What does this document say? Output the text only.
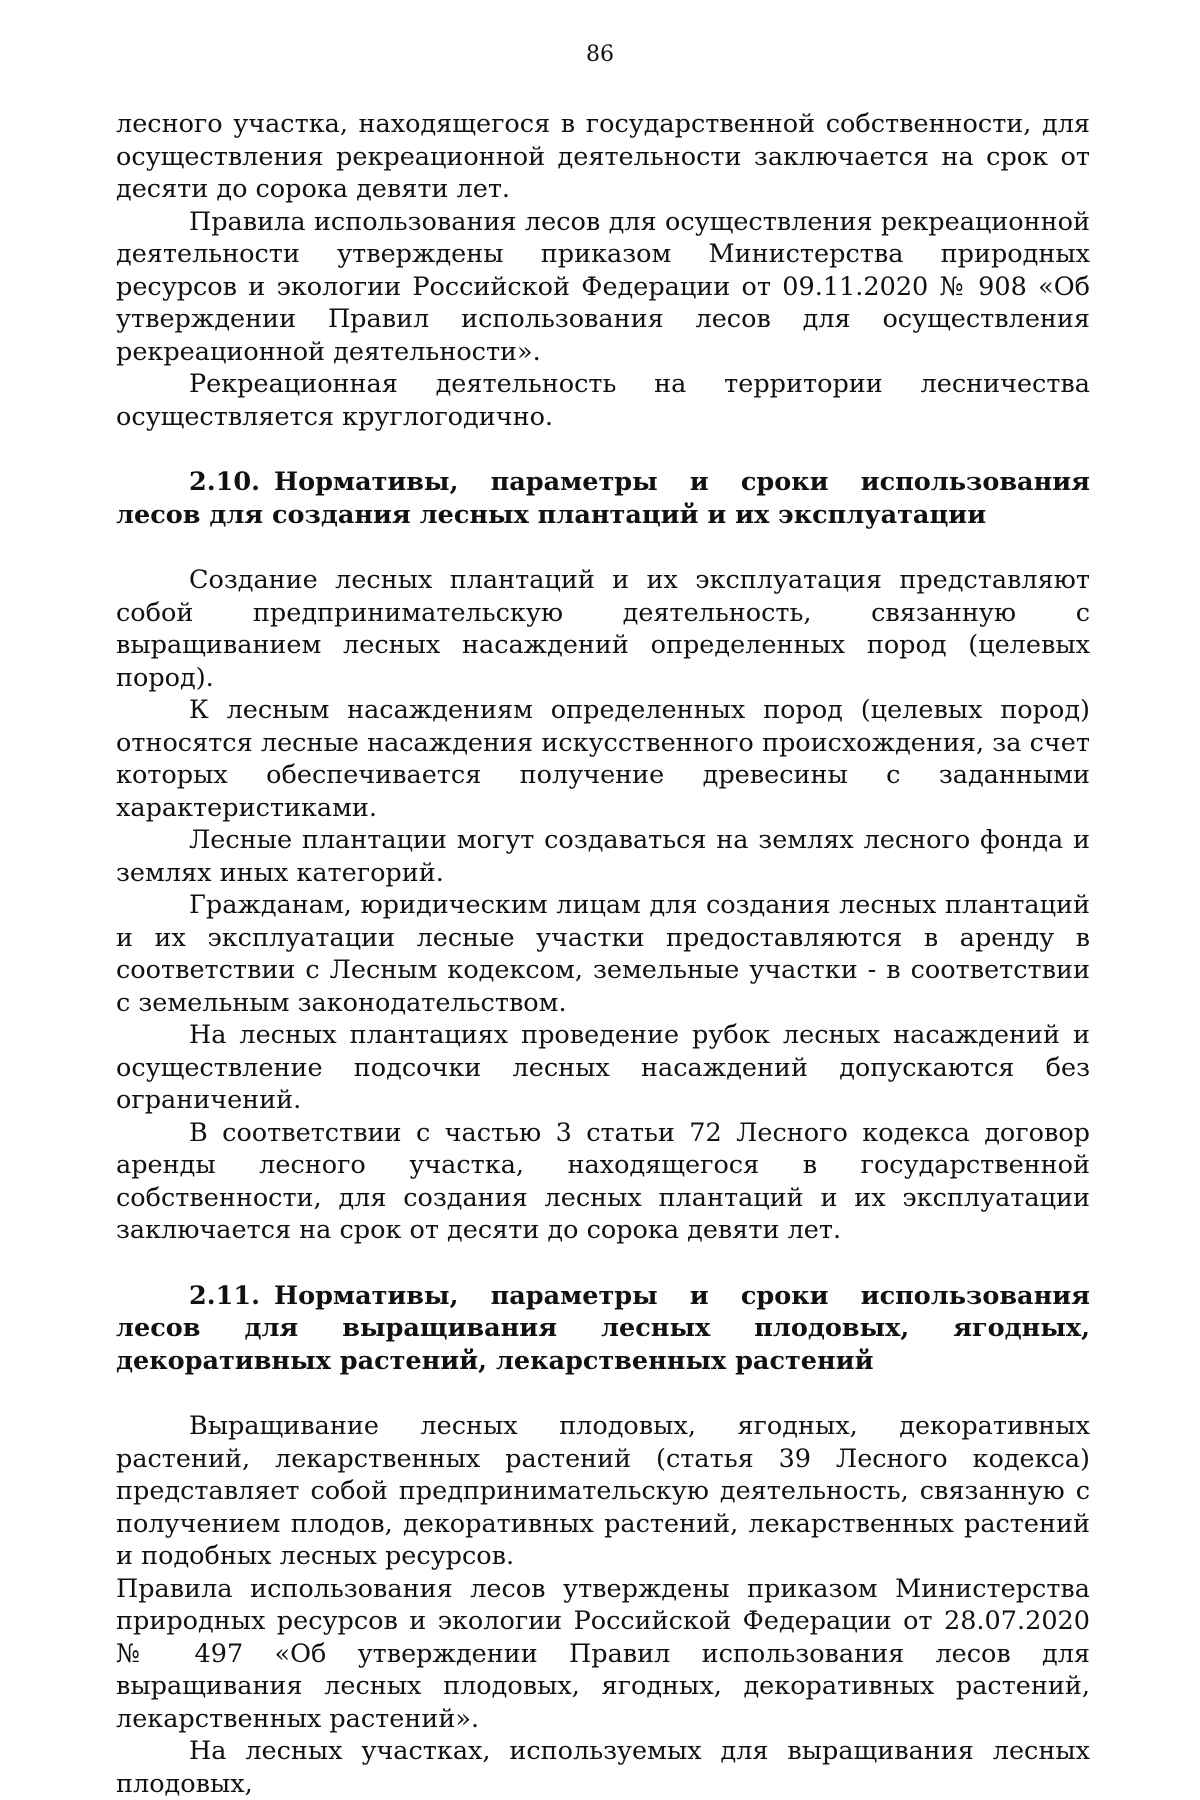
86

лесного участка, находящегося в государственной собственности, для осуществления рекреационной деятельности заключается на срок от десяти до сорока девяти лет.

Правила использования лесов для осуществления рекреационной деятельности утверждены приказом Министерства природных ресурсов и экологии Российской Федерации от 09.11.2020 № 908 «Об утверждении Правил использования лесов для осуществления рекреационной деятельности».

Рекреационная деятельность на территории лесничества осуществляется круглогодично.

2.10. Нормативы, параметры и сроки использования лесов для создания лесных плантаций и их эксплуатации

Создание лесных плантаций и их эксплуатация представляют собой предпринимательскую деятельность, связанную с выращиванием лесных насаждений определенных пород (целевых пород).

К лесным насаждениям определенных пород (целевых пород) относятся лесные насаждения искусственного происхождения, за счет которых обеспечивается получение древесины с заданными характеристиками.

Лесные плантации могут создаваться на землях лесного фонда и землях иных категорий.

Гражданам, юридическим лицам для создания лесных плантаций и их эксплуатации лесные участки предоставляются в аренду в соответствии с Лесным кодексом, земельные участки - в соответствии с земельным законодательством.

На лесных плантациях проведение рубок лесных насаждений и осуществление подсочки лесных насаждений допускаются без ограничений.

В соответствии с частью 3 статьи 72 Лесного кодекса договор аренды лесного участка, находящегося в государственной собственности, для создания лесных плантаций и их эксплуатации заключается на срок от десяти до сорока девяти лет.

2.11. Нормативы, параметры и сроки использования лесов для выращивания лесных плодовых, ягодных, декоративных растений, лекарственных растений

Выращивание лесных плодовых, ягодных, декоративных растений, лекарственных растений (статья 39 Лесного кодекса) представляет собой предпринимательскую деятельность, связанную с получением плодов, декоративных растений, лекарственных растений и подобных лесных ресурсов.

Правила использования лесов утверждены приказом Министерства природных ресурсов и экологии Российской Федерации от 28.07.2020 № 497 «Об утверждении Правил использования лесов для выращивания лесных плодовых, ягодных, декоративных растений, лекарственных растений».

На лесных участках, используемых для выращивания лесных плодовых,
